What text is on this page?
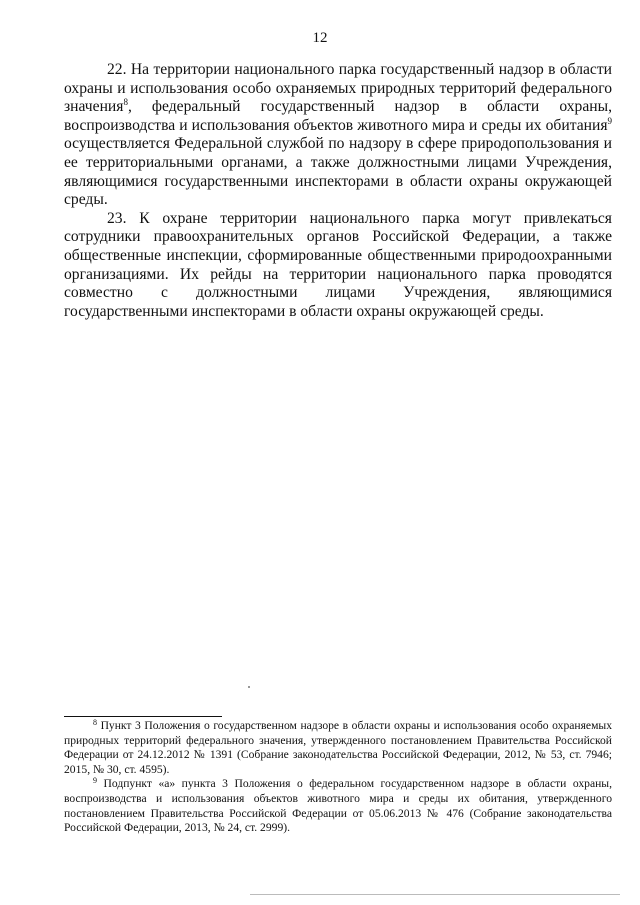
12

22. На территории национального парка государственный надзор в области охраны и использования особо охраняемых природных территорий федерального значения$^8$, федеральный государственный надзор в области охраны, воспроизводства и использования объектов животного мира и среды их обитания$^9$ осуществляется Федеральной службой по надзору в сфере природопользования и ее территориальными органами, а также должностными лицами Учреждения, являющимися государственными инспекторами в области охраны окружающей среды.

23. К охране территории национального парка могут привлекаться сотрудники правоохранительных органов Российской Федерации, а также общественные инспекции, сформированные общественными природоохранными организациями. Их рейды на территории национального парка проводятся совместно с должностными лицами Учреждения, являющимися государственными инспекторами в области охраны окружающей среды.

$^8$ Пункт 3 Положения о государственном надзоре в области охраны и использования особо охраняемых природных территорий федерального значения, утвержденного постановлением Правительства Российской Федерации от 24.12.2012 № 1391 (Собрание законодательства Российской Федерации, 2012, № 53, ст. 7946; 2015, № 30, ст. 4595).

$^9$ Подпункт «а» пункта 3 Положения о федеральном государственном надзоре в области охраны, воспроизводства и использования объектов животного мира и среды их обитания, утвержденного постановлением Правительства Российской Федерации от 05.06.2013 № 476 (Собрание законодательства Российской Федерации, 2013, № 24, ст. 2999).
